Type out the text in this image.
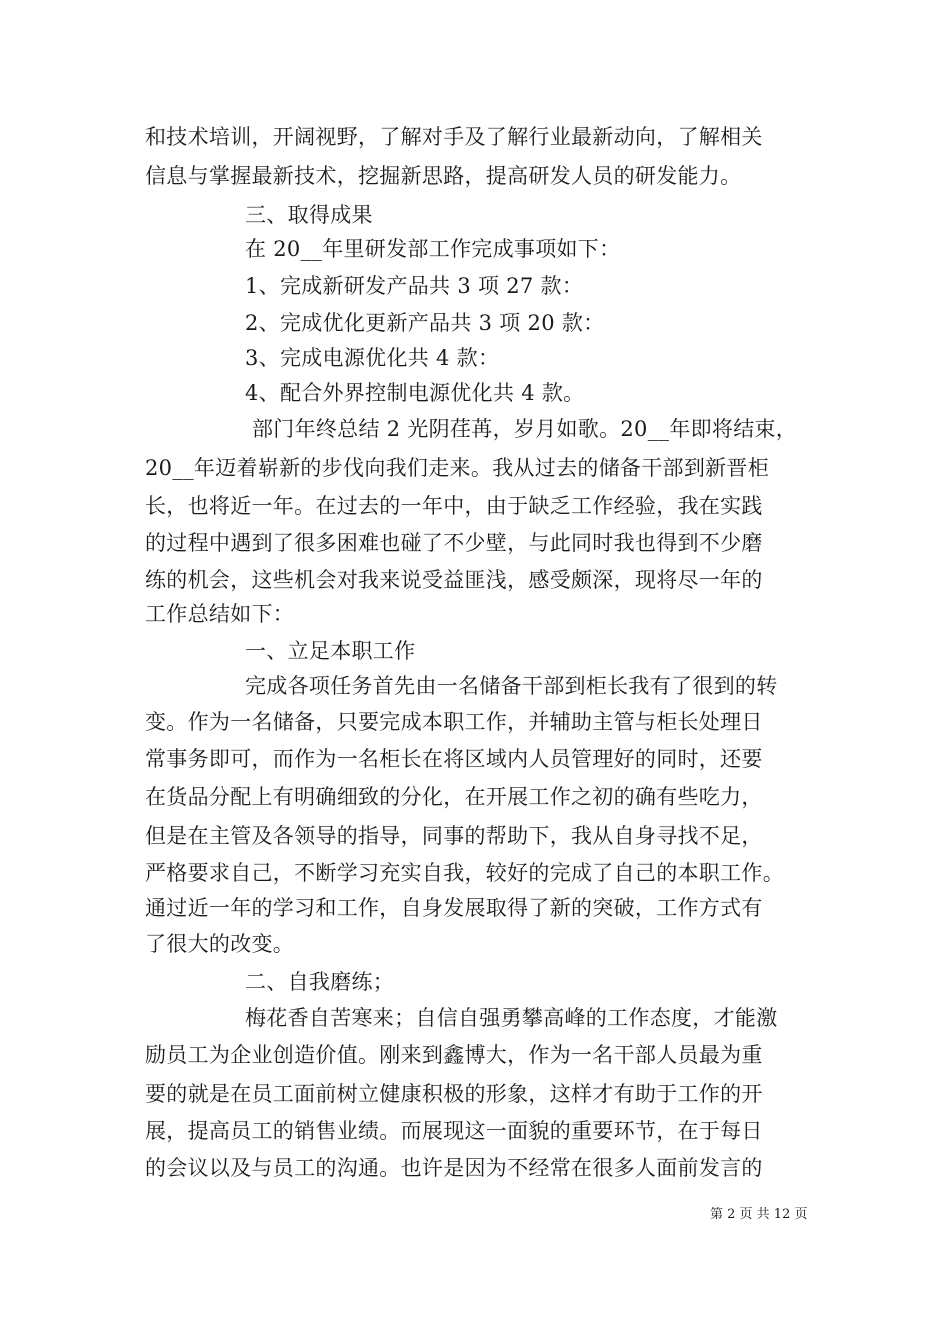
和技术培训，开阔视野，了解对手及了解行业最新动向，了解相关
信息与掌握最新技术，挖掘新思路，提高研发人员的研发能力。
三、取得成果
在 20__年里研发部工作完成事项如下：
1、完成新研发产品共 3 项 27 款：
2、完成优化更新产品共 3 项 20 款：
3、完成电源优化共 4 款：
4、配合外界控制电源优化共 4 款。
部门年终总结 2 光阴荏苒，岁月如歌。20__年即将结束，
20__年迈着崭新的步伐向我们走来。我从过去的储备干部到新晋柜
长，也将近一年。在过去的一年中，由于缺乏工作经验，我在实践
的过程中遇到了很多困难也碰了不少壁，与此同时我也得到不少磨
练的机会，这些机会对我来说受益匪浅，感受颇深，现将尽一年的
工作总结如下：
一、立足本职工作
完成各项任务首先由一名储备干部到柜长我有了很到的转
变。作为一名储备，只要完成本职工作，并辅助主管与柜长处理日
常事务即可，而作为一名柜长在将区域内人员管理好的同时，还要
在货品分配上有明确细致的分化，在开展工作之初的确有些吃力，
但是在主管及各领导的指导，同事的帮助下，我从自身寻找不足，
严格要求自己，不断学习充实自我，较好的完成了自己的本职工作。
通过近一年的学习和工作，自身发展取得了新的突破，工作方式有
了很大的改变。
二、自我磨练；
梅花香自苦寒来；自信自强勇攀高峰的工作态度，才能激
励员工为企业创造价值。刚来到鑫博大，作为一名干部人员最为重
要的就是在员工面前树立健康积极的形象，这样才有助于工作的开
展，提高员工的销售业绩。而展现这一面貌的重要环节，在于每日
的会议以及与员工的沟通。也许是因为不经常在很多人面前发言的
第 2 页 共 12 页
